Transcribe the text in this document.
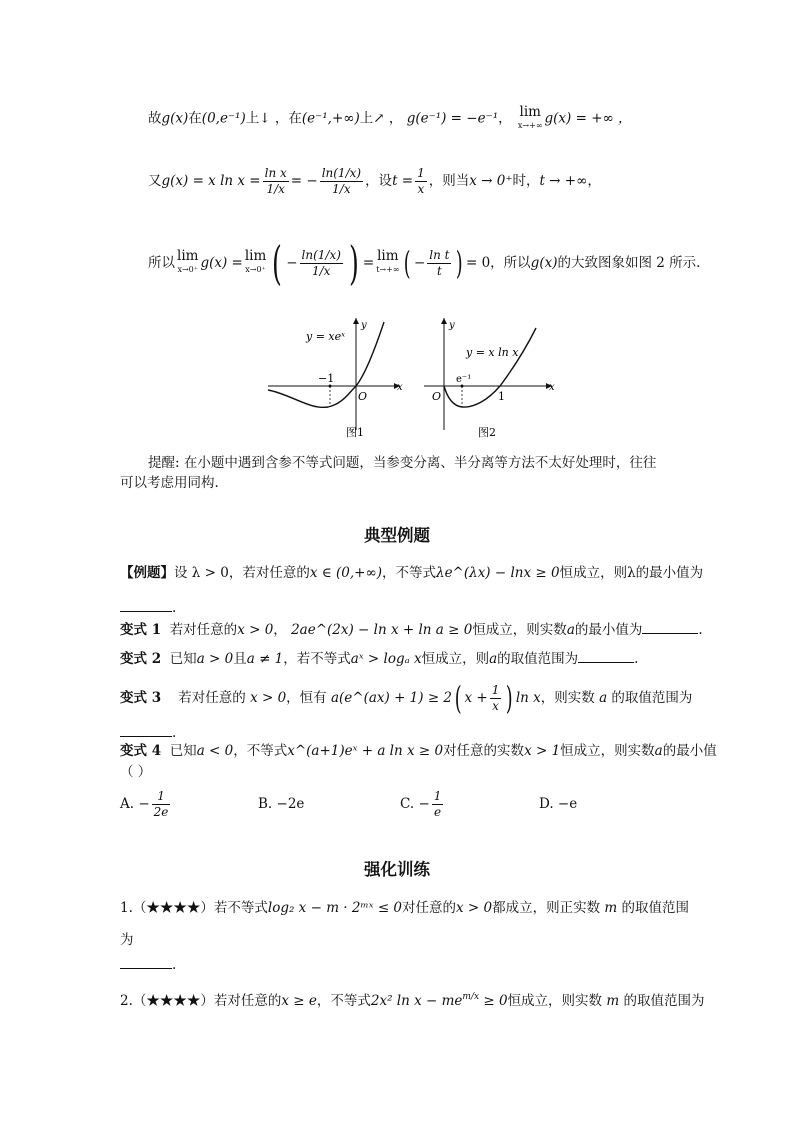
故g(x)在(0,e⁻¹)上↓ ，在(e⁻¹,+∞)上↗ ， g(e⁻¹) = −e⁻¹， lim
x→+∞ g(x) = +∞ ，
又 g(x) = x $\ln x = \frac{\text{ln x}}{1/x}$ = − $\frac{\ln(1/x)}{1/x}$ ，设 $t = \frac{1}{x}$ ，则当 x → 0⁺ 时， t → +∞ ，
所以 lim
x→0⁺ g(x) = lim
x→0⁺ ( − $\frac{\ln(1/x)}{1/x}$ ) = lim
t→+∞ ( − $\frac{\text{ln t}}{t}$ ) = 0，所以 g(x) 的大致图象如图 2 所示.
y = xeˣ
−1
O
x
y
图1
y = x ln x
e⁻¹
1
O
x
y
图2
提醒: 在小题中遇到含参不等式问题，当参变分离、半分离等方法不太好处理时，往往
可以考虑用同构.
典型例题
【例题】设 λ > 0，若对任意的x ∈ (0,+∞)，不等式λe^(λx) − lnx ≥ 0恒成立，则λ的最小值为
.
变式 1 若对任意的x > 0， 2ae^(2x) − ln x + ln a ≥ 0恒成立，则实数a的最小值为	.
变式 2 已知a > 0且a ≠ 1，若不等式aˣ > logₐ x恒成立，则a的取值范围为	.
变式 3
若对任意的
x > 0 ，恒有
a(e^(ax) + 1) ≥ 2 ( $x + \frac{1}{x}$ ) ln x ，则实数
a
的取值范围为
.
变式 4 已知a < 0，不等式x^(a+1)eˣ + a ln x ≥ 0对任意的实数x > 1恒成立，则实数a的最小值
（ ）
A.
− $\frac{1}{2e}$	B. −2e	C.
− $\frac{1}{e}$	D. −e
强化训练
1.（★★★★）若不等式log₂ x − m · 2ᵐˣ ≤ 0对任意的x > 0都成立，则正实数 m 的取值范围
为
.
2.（★★★★）若对任意的x ≥ e，不等式2x² $\ln x - me^{m/x} \ge 0$恒成立，则实数 m 的取值范围为
